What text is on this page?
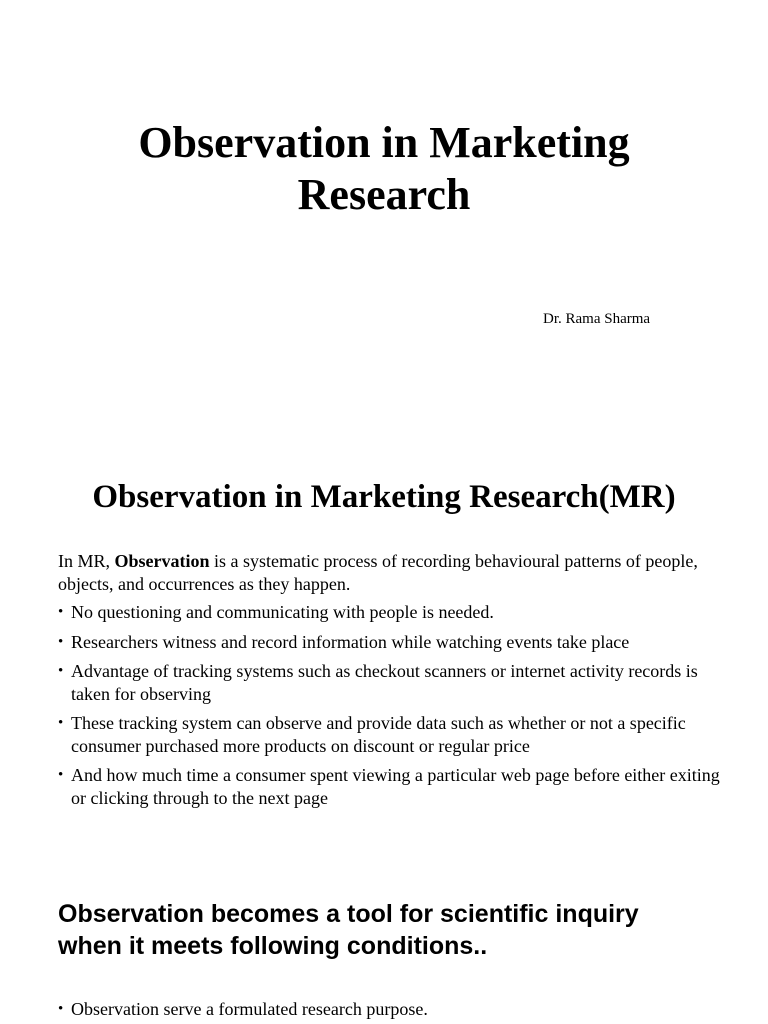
Observation in Marketing
Research
Dr. Rama Sharma
Observation in Marketing Research(MR)

In MR, Observation is a systematic process of recording behavioural patterns of people, objects, and occurrences as they happen.

• No questioning and communicating with people is needed.
• Researchers witness and record information while watching events take place
• Advantage of tracking systems such as checkout scanners or internet activity records is taken for observing
• These tracking system can observe and provide data such as whether or not a specific consumer purchased more products on discount or regular price
• And how much time a consumer spent viewing a particular web page before either exiting or clicking through to the next page
Observation becomes a tool for scientific inquiry
when it meets following conditions..
• Observation serve a formulated research purpose.
